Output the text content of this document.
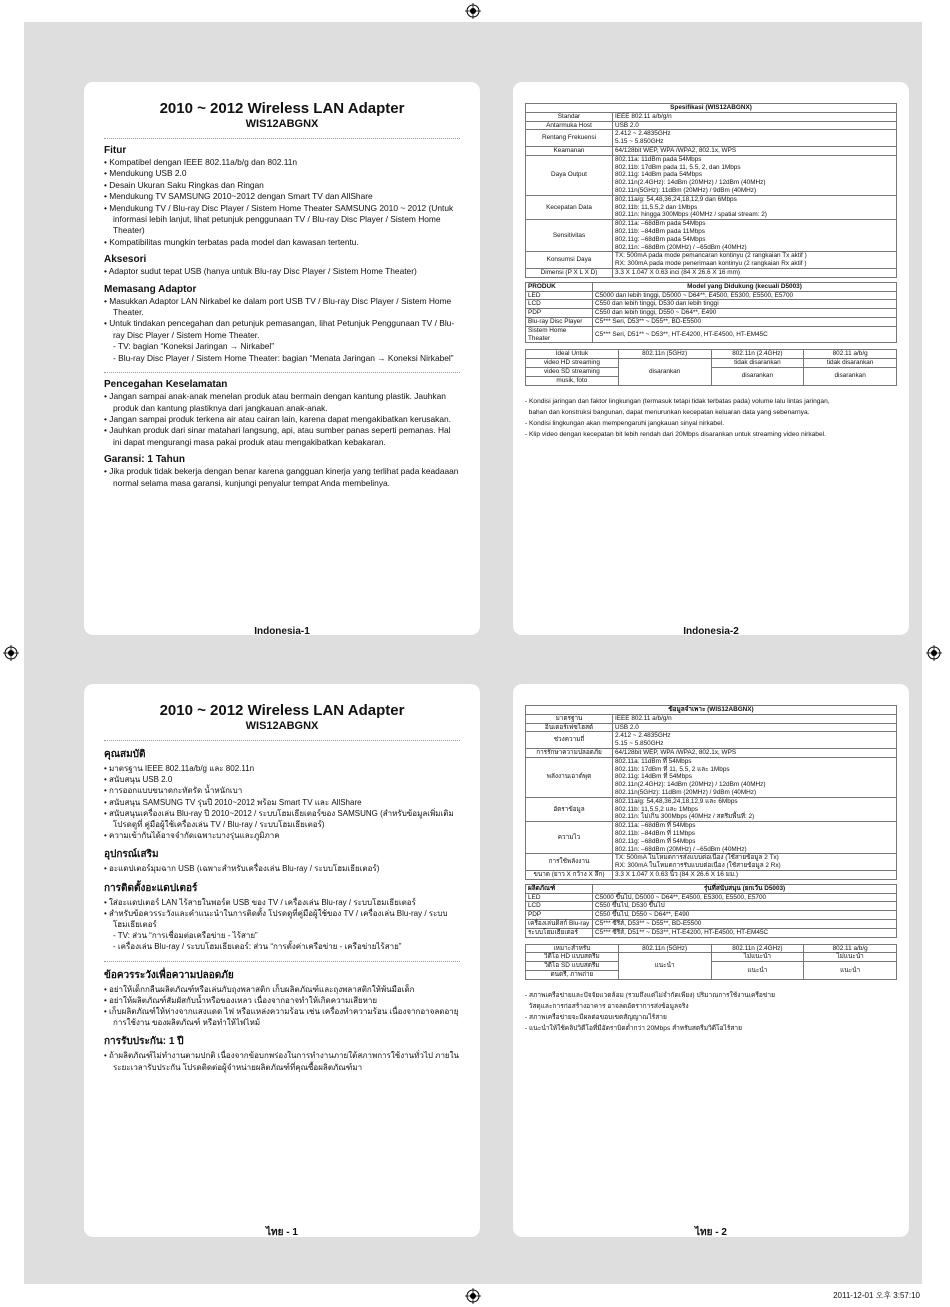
2010 ~ 2012 Wireless LAN Adapter
WIS12ABGNX
Fitur
• Kompatibel dengan IEEE 802.11a/b/g dan 802.11n
• Mendukung USB 2.0
• Desain Ukuran Saku Ringkas dan Ringan
• Mendukung TV SAMSUNG 2010~2012 dengan Smart TV dan AllShare
• Mendukung TV / Blu-ray Disc Player / Sistem Home Theater SAMSUNG 2010 ~ 2012 (Untuk informasi lebih lanjut, lihat petunjuk penggunaan TV / Blu-ray Disc Player / Sistem Home Theater)
• Kompatibilitas mungkin terbatas pada model dan kawasan tertentu.
Aksesori
• Adaptor sudut tepat USB (hanya untuk Blu-ray Disc Player / Sistem Home Theater)
Memasang Adaptor
• Masukkan Adaptor LAN Nirkabel ke dalam port USB TV / Blu-ray Disc Player / Sistem Home Theater.
• Untuk tindakan pencegahan dan petunjuk pemasangan, lihat Petunjuk Penggunaan TV / Blu-ray Disc Player / Sistem Home Theater.
- TV: bagian “Koneksi Jaringan → Nirkabel”
- Blu-ray Disc Player / Sistem Home Theater: bagian “Menata Jaringan → Koneksi Nirkabel”
Pencegahan Keselamatan
• Jangan sampai anak-anak menelan produk atau bermain dengan kantung plastik. Jauhkan produk dan kantung plastiknya dari jangkauan anak-anak.
• Jangan sampai produk terkena air atau cairan lain, karena dapat mengakibatkan kerusakan.
• Jauhkan produk dari sinar matahari langsung, api, atau sumber panas seperti pemanas. Hal ini dapat mengurangi masa pakai produk atau mengakibatkan kebakaran.
Garansi: 1 Tahun
• Jika produk tidak bekerja dengan benar karena gangguan kinerja yang terlihat pada keadaaan normal selama masa garansi, kunjungi penyalur tempat Anda membelinya.
Indonesia-1
Spesifikasi (WIS12ABGNX)	
Standar	IEEE 802.11 a/b/g/n
Antarmuka Host	USB 2.0
Rentang Frekuensi	2.412 ~ 2.4835GHz
5.15 ~ 5.850GHz
Keamanan	64/128bit WEP, WPA /WPA2, 802.1x, WPS
Daya Output	802.11a: 11dBm pada 54Mbps
802.11b: 17dBm pada 11, 5.5, 2, dan 1Mbps
802.11g: 14dBm pada 54Mbps
802.11n(2.4GHz): 14dBm (20MHz) / 12dBm (40MHz)
802.11n(5GHz): 11dBm (20MHz) / 9dBm (40MHz)
Kecepatan Data	802.11a/g: 54,48,36,24,18,12,9 dan 6Mbps
802.11b: 11,5.5,2 dan 1Mbps
802.11n: hingga 300Mbps (40MHz / spatial stream: 2)
Sensitivitas	802.11a: –68dBm pada 54Mbps
802.11b: –84dBm pada 11Mbps
802.11g: –68dBm pada 54Mbps
802.11n: –68dBm (20MHz) / –65dBm (40MHz)
Konsumsi Daya	TX: 500mA pada mode pemancaran kontinyu (2 rangkaian Tx aktif )
RX: 300mA pada mode penerimaan kontinyu (2 rangkaian Rx aktif )
Dimensi (P X L X D)	3.3 X 1.047 X 0.63 inci (84 X 26.6 X 16 mm)
PRODUK	Model yang Didukung (kecuali D5003)
LED	C5000 dan lebih tinggi, D5000 ~ D64**, E4500, E5300, E5500, E5700
LCD	C550 dan lebih tinggi, D530 dan lebih tinggi
PDP	C550 dan lebih tinggi, D550 ~ D64**, E490
Blu-ray Disc Player	C5*** Seri, D53** ~ D55**, BD-E5500
Sistem Home Theater	C5*** Seri, D51** ~ D53**, HT-E4200, HT-E4500, HT-EM45C
Ideal Untuk	802.11n (5GHz)	802.11n (2.4GHz)	802.11 a/b/g
video HD streaming	disarankan	tidak disarankan	tidak disarankan
video SD streaming		disarankan	disarankan
musik, foto			
- Kondisi jaringan dan faktor lingkungan (termasuk tetapi tidak terbatas pada) volume lalu lintas jaringan,
bahan dan konstruksi bangunan, dapat menurunkan kecepatan keluaran data yang sebenarnya.
- Kondisi lingkungan akan mempengaruhi jangkauan sinyal nirkabel.
- Klip video dengan kecepatan bit lebih rendah dari 20Mbps disarankan untuk streaming video nirkabel.
Indonesia-2
2010 ~ 2012 Wireless LAN Adapter
WIS12ABGNX
คุณสมบัติ
• มาตรฐาน IEEE 802.11a/b/g และ 802.11n
• สนับสนุน USB 2.0
• การออกแบบขนาดกะทัดรัด น้ำหนักเบา
• สนับสนุน SAMSUNG TV รุ่นปี 2010~2012 พร้อม Smart TV และ AllShare
• สนับสนุนเครื่องเล่น Blu-ray ปี 2010~2012 / ระบบโฮมเธียเตอร์ของ SAMSUNG (สำหรับข้อมูลเพิ่มเติม โปรดดูที่ คู่มือผู้ใช้เครื่องเล่น TV / Blu-ray / ระบบโฮมเธียเตอร์)
• ความเข้ากันได้อาจจำกัดเฉพาะบางรุ่นและภูมิภาค
อุปกรณ์เสริม
• อะแดปเตอร์มุมฉาก USB (เฉพาะสำหรับเครื่องเล่น Blu-ray / ระบบโฮมเธียเตอร์)
การติดตั้งอะแดปเตอร์
• ใส่อะแดปเตอร์ LAN ไร้สายในพอร์ต USB ของ TV / เครื่องเล่น Blu-ray / ระบบโฮมเธียเตอร์
• สำหรับข้อควรระวังและคำแนะนำในการติดตั้ง โปรดดูที่คู่มือผู้ใช้ของ TV / เครื่องเล่น Blu-ray / ระบบโฮมเธียเตอร์
- TV: ส่วน “การเชื่อมต่อเครือข่าย - ไร้สาย”
- เครื่องเล่น Blu-ray / ระบบโฮมเธียเตอร์: ส่วน “การตั้งค่าเครือข่าย - เครือข่ายไร้สาย”
ข้อควรระวังเพื่อความปลอดภัย
• อย่าให้เด็กกลืนผลิตภัณฑ์หรือเล่นกับถุงพลาสติก เก็บผลิตภัณฑ์และถุงพลาสติกให้พ้นมือเด็ก
• อย่าให้ผลิตภัณฑ์สัมผัสกับน้ำหรือของเหลว เนื่องจากอาจทำให้เกิดความเสียหาย
• เก็บผลิตภัณฑ์ให้ห่างจากแสงแดด ไฟ หรือแหล่งความร้อน เช่น เครื่องทำความร้อน เนื่องจากอาจลดอายุการใช้งาน ของผลิตภัณฑ์ หรือทำให้ไฟไหม้
การรับประกัน: 1 ปี
• ถ้าผลิตภัณฑ์ไม่ทำงานตามปกติ เนื่องจากข้อบกพร่องในการทำงานภายใต้สภาพการใช้งานทั่วไป ภายในระยะเวลารับประกัน โปรดติดต่อผู้จำหน่ายผลิตภัณฑ์ที่คุณซื้อผลิตภัณฑ์มา
ไทย - 1
ข้อมูลจำเพาะ (WIS12ABGNX)	
มาตรฐาน	IEEE 802.11 a/b/g/n
อินเตอร์เฟซโฮสต์	USB 2.0
ช่วงความถี่	2.412 ~ 2.4835GHz
5.15 ~ 5.850GHz
การรักษาความปลอดภัย	64/128bit WEP, WPA /WPA2, 802.1x, WPS
พลังงานเอาต์พุต	802.11a: 11dBm ที่ 54Mbps
802.11b: 17dBm ที่ 11, 5.5, 2 และ 1Mbps
802.11g: 14dBm ที่ 54Mbps
802.11n(2.4GHz): 14dBm (20MHz) / 12dBm (40MHz)
802.11n(5GHz): 11dBm (20MHz) / 9dBm (40MHz)
อัตราข้อมูล	802.11a/g: 54,48,36,24,18,12,9 และ 6Mbps
802.11b: 11,5.5,2 และ 1Mbps
802.11n: ไม่เกิน 300Mbps (40MHz / สตรีมพื้นที่: 2)
ความไว	802.11a: –68dBm ที่ 54Mbps
802.11b: –84dBm ที่ 11Mbps
802.11g: –68dBm ที่ 54Mbps
802.11n: –68dBm (20MHz) / –65dBm (40MHz)
การใช้พลังงาน	TX: 500mA ในโหมดการส่งแบบต่อเนื่อง (ใช้สายข้อมูล 2 Tx)
RX: 300mA ในโหมดการรับแบบต่อเนื่อง (ใช้สายข้อมูล 2 Rx)
ขนาด (ยาว X กว้าง X ลึก)	3.3 X 1.047 X 0.63 นิ้ว (84 X 26.6 X 16 มม.)
ผลิตภัณฑ์	รุ่นที่สนับสนุน (ยกเว้น D5003)
LED	C5000 ขึ้นไป, D5000 ~ D64**, E4500, E5300, E5500, E5700
LCD	C550 ขึ้นไป, D530 ขึ้นไป
PDP	C550 ขึ้นไป, D550 ~ D64**, E490
เครื่องเล่นดิสก์ Blu-ray	C5*** ซีรีส์, D53** ~ D55**, BD-E5500
ระบบโฮมเธียเตอร์	C5*** ซีรีส์, D51** ~ D53**, HT-E4200, HT-E4500, HT-EM45C
เหมาะสำหรับ	802.11n (5GHz)	802.11n (2.4GHz)	802.11 a/b/g
วิดีโอ HD แบบสตรีม	แนะนำ	ไม่แนะนำ	ไม่แนะนำ
วิดีโอ SD แบบสตรีม		แนะนำ	แนะนำ
ดนตรี, ภาพถ่าย			
- สภาพเครือข่ายและปัจจัยแวดล้อม (รวมถึงแต่ไม่จำกัดเพียง) ปริมาณการใช้งานเครือข่าย
วัสดุและการก่อสร้างอาคาร อาจลดอัตราการส่งข้อมูลจริง
- สภาพเครือข่ายจะมีผลต่อขอบเขตสัญญาณไร้สาย
- แนะนำให้ใช้คลิปวิดีโอที่มีอัตราบิตต่ำกว่า 20Mbps สำหรับสตรีมวิดีโอไร้สาย
ไทย - 2
2011-12-01 오후 3:57:10
